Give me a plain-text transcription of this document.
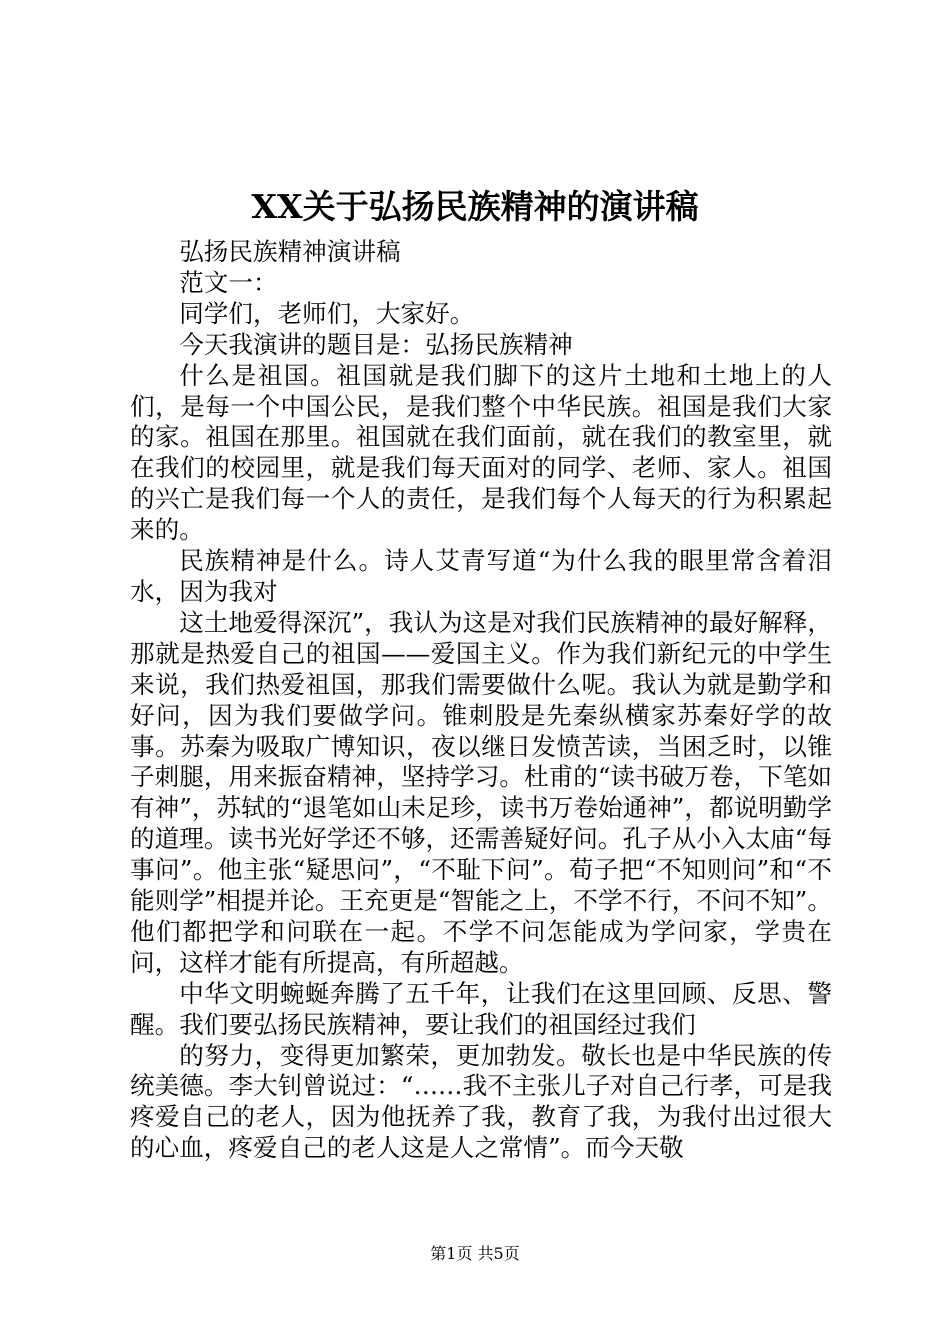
XX关于弘扬民族精神的演讲稿

弘扬民族精神演讲稿

范文一：

同学们，老师们，大家好。

今天我演讲的题目是：弘扬民族精神

什么是祖国。祖国就是我们脚下的这片土地和土地上的人们，是每一个中国公民，是我们整个中华民族。祖国是我们大家的家。祖国在那里。祖国就在我们面前，就在我们的教室里，就在我们的校园里，就是我们每天面对的同学、老师、家人。祖国的兴亡是我们每一个人的责任，是我们每个人每天的行为积累起来的。

民族精神是什么。诗人艾青写道“为什么我的眼里常含着泪水，因为我对

这土地爱得深沉”，我认为这是对我们民族精神的最好解释，那就是热爱自己的祖国——爱国主义。作为我们新纪元的中学生来说，我们热爱祖国，那我们需要做什么呢。我认为就是勤学和好问，因为我们要做学问。锥刺股是先秦纵横家苏秦好学的故事。苏秦为吸取广博知识，夜以继日发愤苦读，当困乏时，以锥子刺腿，用来振奋精神，坚持学习。杜甫的“读书破万卷，下笔如有神”，苏轼的“退笔如山未足珍，读书万卷始通神”，都说明勤学的道理。读书光好学还不够，还需善疑好问。孔子从小入太庙“每事问”。他主张“疑思问”，“不耻下问”。荀子把“不知则问”和“不能则学”相提并论。王充更是“智能之上，不学不行，不问不知”。他们都把学和问联在一起。不学不问怎能成为学问家，学贵在问，这样才能有所提高，有所超越。

中华文明蜿蜒奔腾了五千年，让我们在这里回顾、反思、警醒。我们要弘扬民族精神，要让我们的祖国经过我们

的努力，变得更加繁荣，更加勃发。敬长也是中华民族的传统美德。李大钊曾说过：“……我不主张儿子对自己行孝，可是我疼爱自己的老人，因为他抚养了我，教育了我，为我付出过很大的心血，疼爱自己的老人这是人之常情”。而今天敬

第1页 共5页
